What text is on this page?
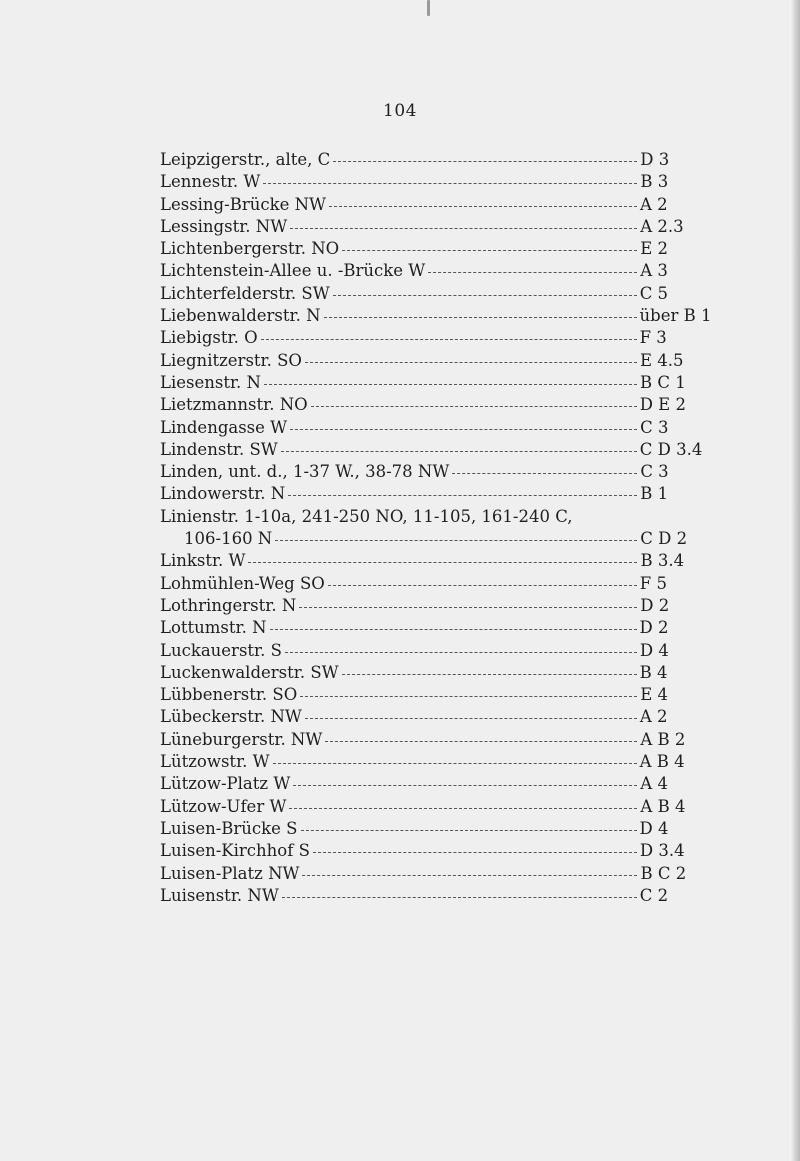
104
Leipzigerstr., alte, C	D 3
Lennestr. W	B 3
Lessing-Brücke NW	A 2
Lessingstr. NW	A 2.3
Lichtenbergerstr. NO	E 2
Lichtenstein-Allee u. -Brücke W	A 3
Lichterfelderstr. SW	C 5
Liebenwalderstr. N	über B 1
Liebigstr. O	F 3
Liegnitzerstr. SO	E 4.5
Liesenstr. N	B C 1
Lietzmannstr. NO	D E 2
Lindengasse W	C 3
Lindenstr. SW	C D 3.4
Linden, unt. d., 1-37 W., 38-78 NW	C 3
Lindowerstr. N	B 1
Linienstr. 1-10a, 241-250 NO, 11-105, 161-240 C,
106-160 N	C D 2
Linkstr. W	B 3.4
Lohmühlen-Weg SO	F 5
Lothringerstr. N	D 2
Lottumstr. N	D 2
Luckauerstr. S	D 4
Luckenwalderstr. SW	B 4
Lübbenerstr. SO	E 4
Lübeckerstr. NW	A 2
Lüneburgerstr. NW	A B 2
Lützowstr. W	A B 4
Lützow-Platz W	A 4
Lützow-Ufer W	A B 4
Luisen-Brücke S	D 4
Luisen-Kirchhof S	D 3.4
Luisen-Platz NW	B C 2
Luisenstr. NW	C 2
